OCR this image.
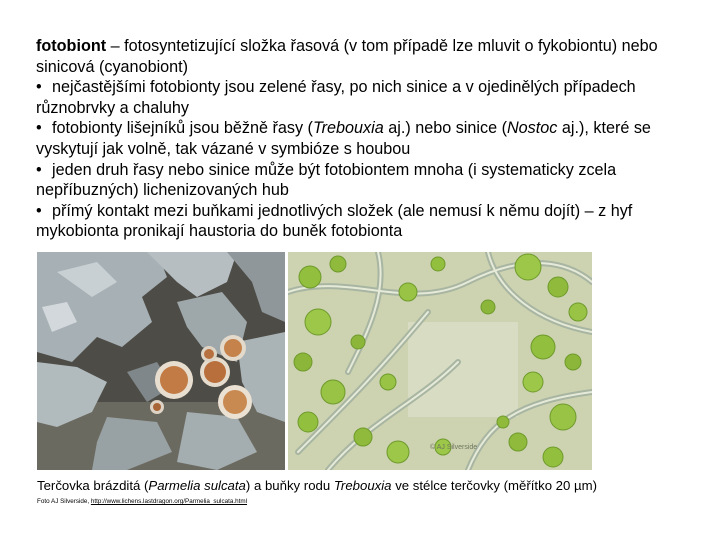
fotobiont – fotosyntetizující složka řasová (v tom případě lze mluvit o fykobiontu) nebo sinicová (cyanobiont)

• nejčastějšími fotobionty jsou zelené řasy, po nich sinice a v ojedinělých případech různobrvky a chaluhy

• fotobionty lišejníků jsou běžně řasy (Trebouxia aj.) nebo sinice (Nostoc aj.), které se vyskytují jak volně, tak vázané v symbióze s houbou

• jeden druh řasy nebo sinice může být fotobiontem mnoha (i systematicky zcela nepříbuzných) lichenizovaných hub

• přímý kontakt mezi buňkami jednotlivých složek (ale nemusí k němu dojít) – z hyf mykobionta pronikají haustoria do buněk fotobionta

© AJ Silverside
Terčovka brázditá (Parmelia sulcata) a buňky rodu Trebouxia ve stélce terčovky (měřítko 20 µm)
Foto AJ Silverside, http://www.lichens.lastdragon.org/Parmelia_sulcata.html
